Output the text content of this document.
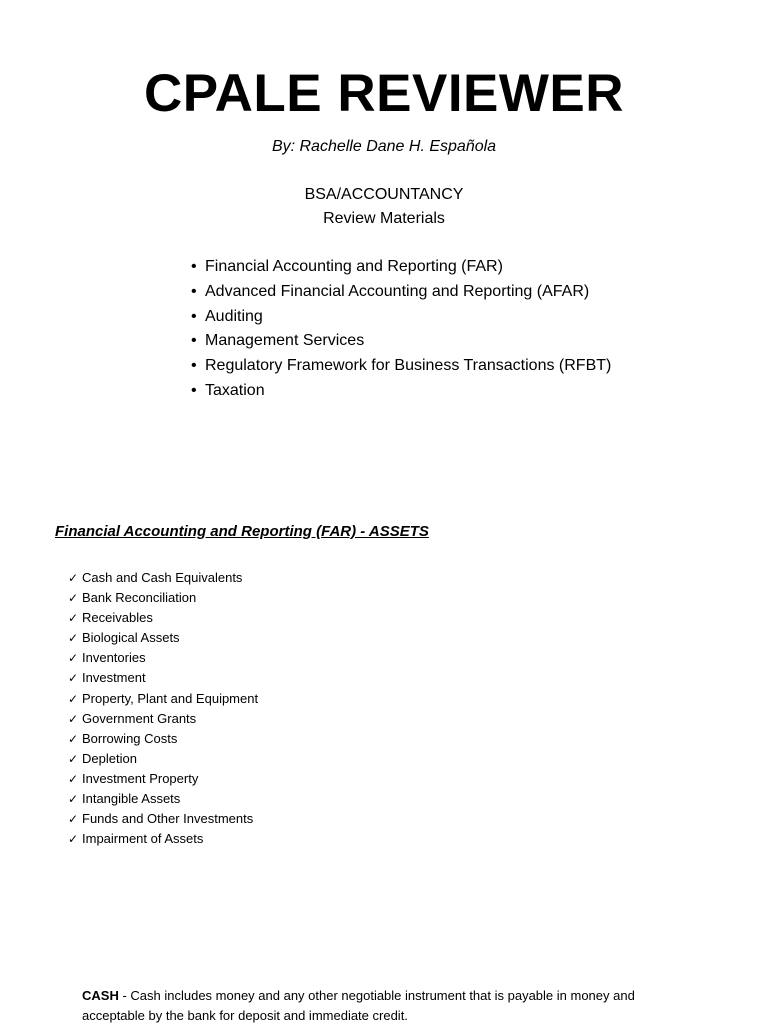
CPALE REVIEWER
By: Rachelle Dane H. Española
BSA/ACCOUNTANCY
Review Materials
• Financial Accounting and Reporting (FAR)
• Advanced Financial Accounting and Reporting (AFAR)
• Auditing
• Management Services
• Regulatory Framework for Business Transactions (RFBT)
• Taxation
Financial Accounting and Reporting (FAR) - ASSETS
✓ Cash and Cash Equivalents
✓ Bank Reconciliation
✓ Receivables
✓ Biological Assets
✓ Inventories
✓ Investment
✓ Property, Plant and Equipment
✓ Government Grants
✓ Borrowing Costs
✓ Depletion
✓ Investment Property
✓ Intangible Assets
✓ Funds and Other Investments
✓ Impairment of Assets
CASH - Cash includes money and any other negotiable instrument that is payable in money and acceptable by the bank for deposit and immediate credit.
